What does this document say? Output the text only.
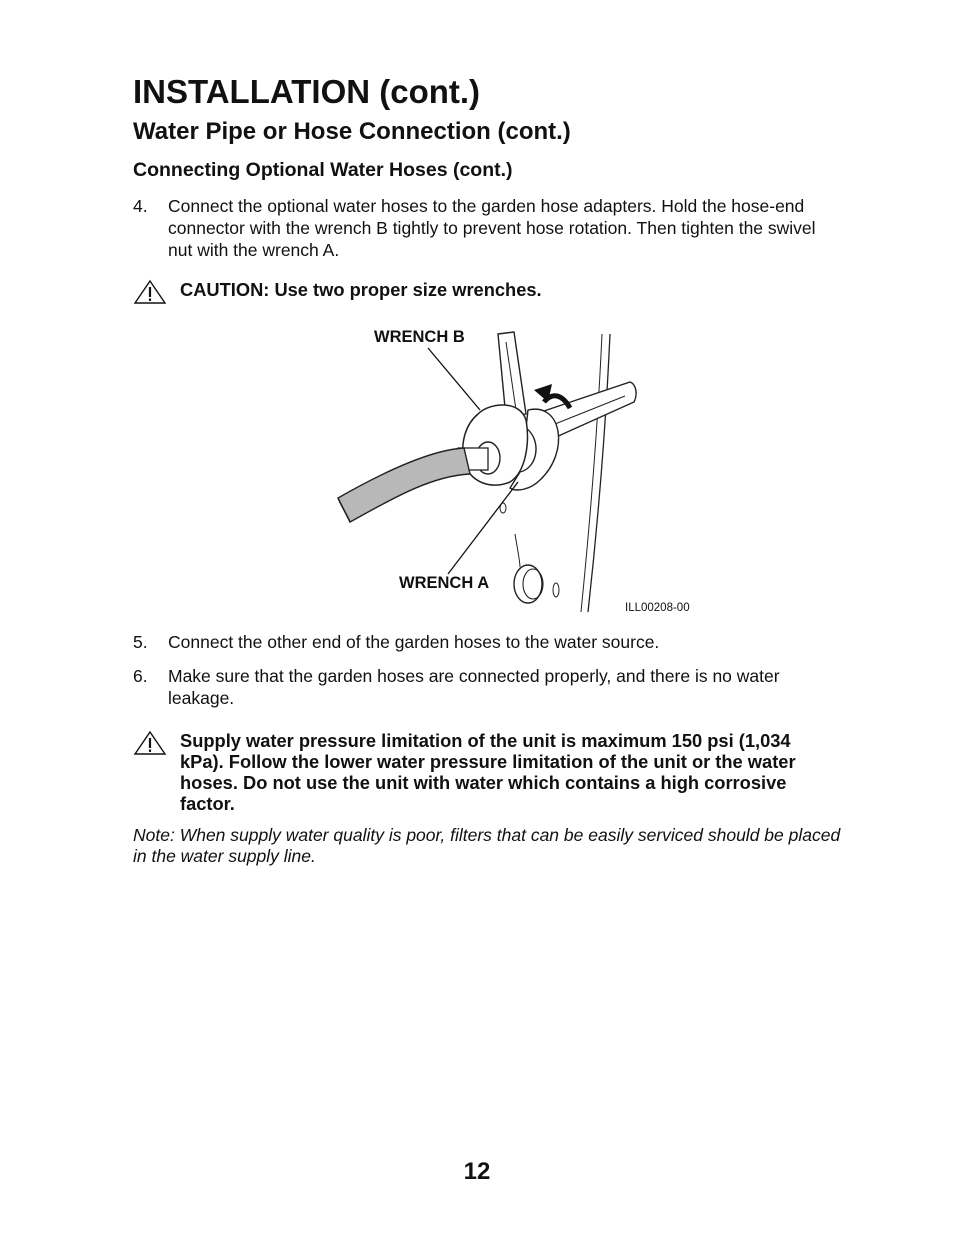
INSTALLATION (cont.)
Water Pipe or Hose Connection (cont.)
Connecting Optional Water Hoses (cont.)
4. Connect the optional water hoses to the garden hose adapters. Hold the hose-end connector with the wrench B tightly to prevent hose rotation. Then tighten the swivel nut with the wrench A.
CAUTION: Use two proper size wrenches.
WRENCH B
WRENCH A
ILL00208-00
5. Connect the other end of the garden hoses to the water source.
6. Make sure that the garden hoses are connected properly, and there is no water leakage.
Supply water pressure limitation of the unit is maximum 150 psi (1,034 kPa). Follow the lower water pressure limitation of the unit or the water hoses. Do not use the unit with water which contains a high corrosive factor.
Note: When supply water quality is poor, filters that can be easily serviced should be placed in the water supply line.
12
